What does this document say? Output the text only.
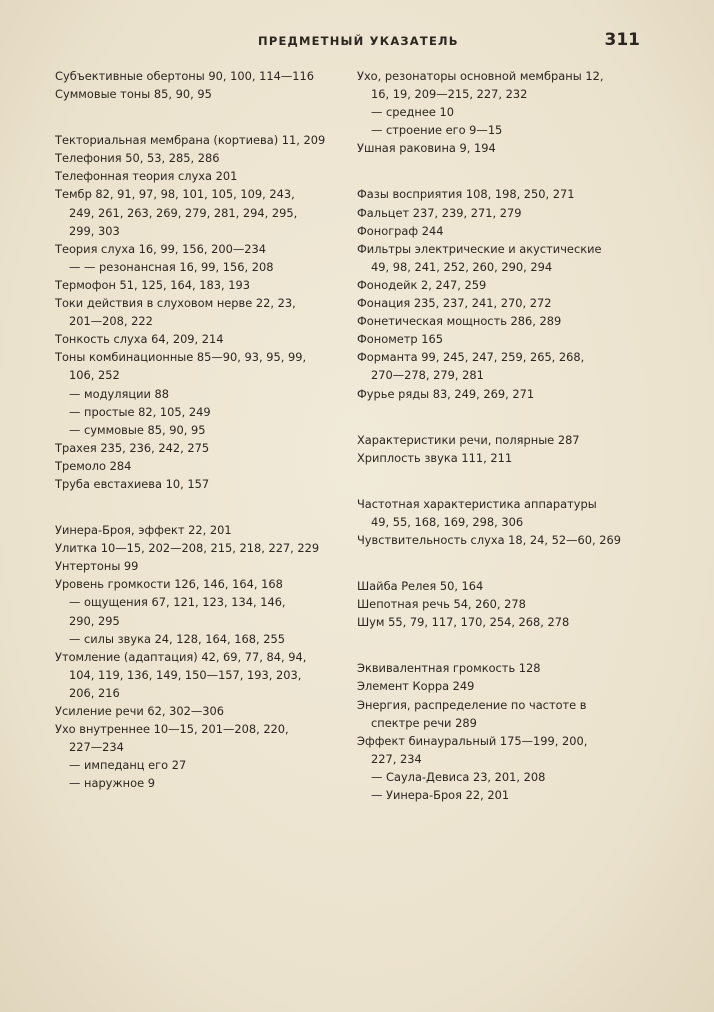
ПРЕДМЕТНЫЙ УКАЗАТЕЛЬ	311
Субъективные обертоны 90, 100, 114—116
Суммовые тоны 85, 90, 95
Текториальная мембрана (кортиева) 11, 209
Телефония 50, 53, 285, 286
Телефонная теория слуха 201
Тембр 82, 91, 97, 98, 101, 105, 109, 243,
249, 261, 263, 269, 279, 281, 294, 295,
299, 303
Теория слуха 16, 99, 156, 200—234
— — резонансная 16, 99, 156, 208
Термофон 51, 125, 164, 183, 193
Токи действия в слуховом нерве 22, 23,
201—208, 222
Тонкость слуха 64, 209, 214
Тоны комбинационные 85—90, 93, 95, 99,
106, 252
— модуляции 88
— простые 82, 105, 249
— суммовые 85, 90, 95
Трахея 235, 236, 242, 275
Тремоло 284
Труба евстахиева 10, 157
Уинера-Броя, эффект 22, 201
Улитка 10—15, 202—208, 215, 218, 227, 229
Унтертоны 99
Уровень громкости 126, 146, 164, 168
— ощущения 67, 121, 123, 134, 146,
290, 295
— силы звука 24, 128, 164, 168, 255
Утомление (адаптация) 42, 69, 77, 84, 94,
104, 119, 136, 149, 150—157, 193, 203,
206, 216
Усиление речи 62, 302—306
Ухо внутреннее 10—15, 201—208, 220,
227—234
— импеданц его 27
— наружное 9
Ухо, резонаторы основной мембраны 12,
16, 19, 209—215, 227, 232
— среднее 10
— строение его 9—15
Ушная раковина 9, 194
Фазы восприятия 108, 198, 250, 271
Фальцет 237, 239, 271, 279
Фонограф 244
Фильтры электрические и акустические
49, 98, 241, 252, 260, 290, 294
Фонодейк 2, 247, 259
Фонация 235, 237, 241, 270, 272
Фонетическая мощность 286, 289
Фонометр 165
Форманта 99, 245, 247, 259, 265, 268,
270—278, 279, 281
Фурье ряды 83, 249, 269, 271
Характеристики речи, полярные 287
Хриплость звука 111, 211
Частотная характеристика аппаратуры
49, 55, 168, 169, 298, 306
Чувствительность слуха 18, 24, 52—60, 269
Шайба Релея 50, 164
Шепотная речь 54, 260, 278
Шум 55, 79, 117, 170, 254, 268, 278
Эквивалентная громкость 128
Элемент Корра 249
Энергия, распределение по частоте в
спектре речи 289
Эффект бинауральный 175—199, 200,
227, 234
— Саула-Девиса 23, 201, 208
— Уинера-Броя 22, 201
